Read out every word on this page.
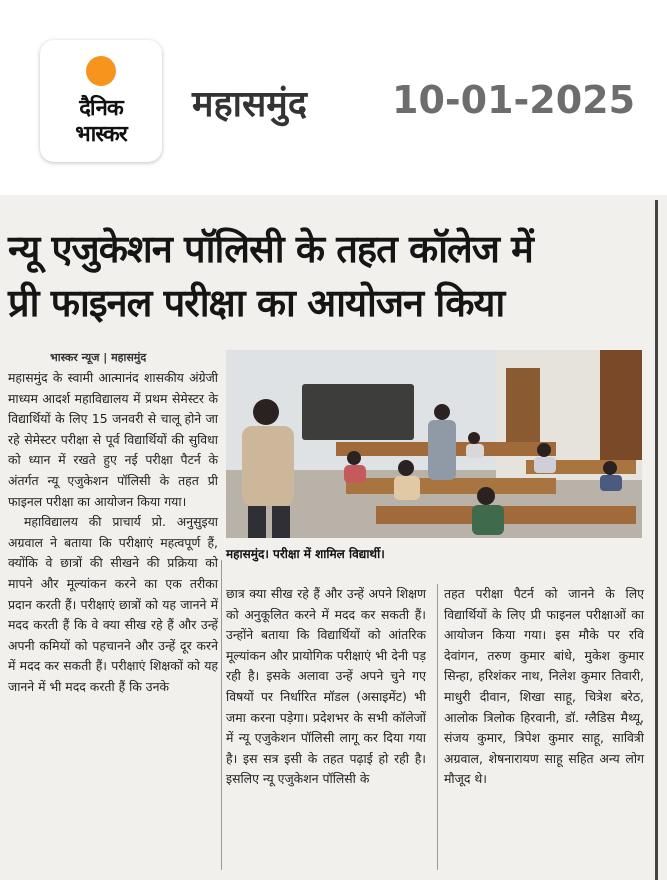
दैनिक
भास्कर
महासमुंद 10-01-2025
न्यू एजुकेशन पॉलिसी के तहत कॉलेज में
प्री फाइनल परीक्षा का आयोजन किया
भास्कर न्यूज | महासमुंद
महासमुंद। परीक्षा में शामिल विद्यार्थी।

महासमुंद के स्वामी आत्मानंद शासकीय अंग्रेजी माध्यम आदर्श महाविद्यालय में प्रथम सेमेस्टर के विद्यार्थियों के लिए 15 जनवरी से चालू होने जा रहे सेमेस्टर परीक्षा से पूर्व विद्यार्थियों की सुविधा को ध्यान में रखते हुए नई परीक्षा पैटर्न के अंतर्गत न्यू एजुकेशन पॉलिसी के तहत प्री फाइनल परीक्षा का आयोजन किया गया।

महाविद्यालय की प्राचार्य प्रो. अनुसुइया अग्रवाल ने बताया कि परीक्षाएं महत्वपूर्ण हैं, क्योंकि वे छात्रों की सीखने की प्रक्रिया को मापने और मूल्यांकन करने का एक तरीका प्रदान करती हैं। परीक्षाएं छात्रों को यह जानने में मदद करती हैं कि वे क्या सीख रहे हैं और उन्हें अपनी कमियों को पहचानने और उन्हें दूर करने में मदद कर सकती हैं। परीक्षाएं शिक्षकों को यह जानने में भी मदद करती हैं कि उनके

छात्र क्या सीख रहे हैं और उन्हें अपने शिक्षण को अनुकूलित करने में मदद कर सकती हैं। उन्होंने बताया कि विद्यार्थियों को आंतरिक मूल्यांकन और प्रायोगिक परीक्षाएं भी देनी पड़ रही है। इसके अलावा उन्हें अपने चुने गए विषयों पर निर्धारित मॉडल (असाइमेंट) भी जमा करना पड़ेगा। प्रदेशभर के सभी कॉलेजों में न्यू एजुकेशन पॉलिसी लागू कर दिया गया है। इस सत्र इसी के तहत पढ़ाई हो रही है। इसलिए न्यू एजुकेशन पॉलिसी के

तहत परीक्षा पैटर्न को जानने के लिए विद्यार्थियों के लिए प्री फाइनल परीक्षाओं का आयोजन किया गया। इस मौके पर रवि देवांगन, तरुण कुमार बांधे, मुकेश कुमार सिन्हा, हरिशंकर नाथ, निलेश कुमार तिवारी, माधुरी दीवान, शिखा साहू, चित्रेश बरेठ, आलोक त्रिलोक हिरवानी, डॉ. ग्लैडिस मैथ्यू, संजय कुमार, त्रिपेश कुमार साहू, सावित्री अग्रवाल, शेषनारायण साहू सहित अन्य लोग मौजूद थे।
